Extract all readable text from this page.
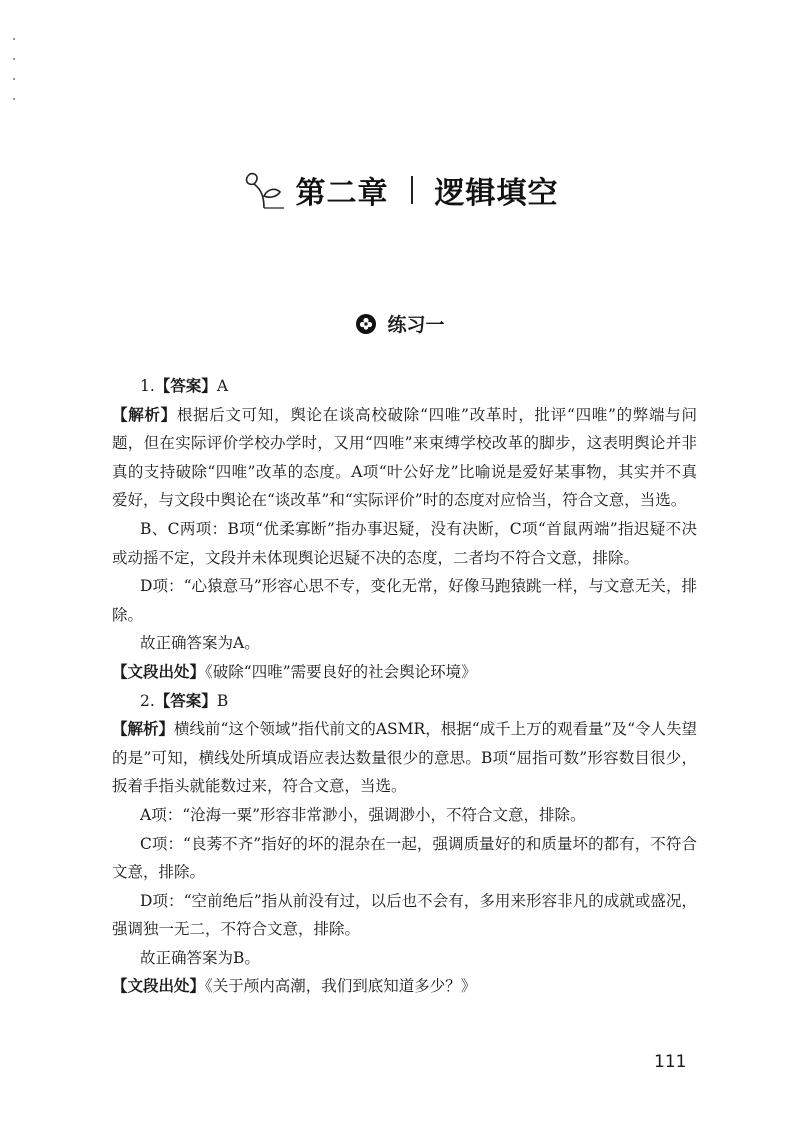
第二章 逻辑填空
练习一

1.【答案】A

【解析】根据后文可知，舆论在谈高校破除“四唯”改革时，批评“四唯”的弊端与问题，但在实际评价学校办学时，又用“四唯”来束缚学校改革的脚步，这表明舆论并非真的支持破除“四唯”改革的态度。A项“叶公好龙”比喻说是爱好某事物，其实并不真爱好，与文段中舆论在“谈改革”和“实际评价”时的态度对应恰当，符合文意，当选。

B、C两项：B项“优柔寡断”指办事迟疑，没有决断，C项“首鼠两端”指迟疑不决或动摇不定，文段并未体现舆论迟疑不决的态度，二者均不符合文意，排除。

D项：“心猿意马”形容心思不专，变化无常，好像马跑猿跳一样，与文意无关，排除。

故正确答案为A。

【文段出处】《破除“四唯”需要良好的社会舆论环境》

2.【答案】B

【解析】横线前“这个领域”指代前文的ASMR，根据“成千上万的观看量”及“令人失望的是”可知，横线处所填成语应表达数量很少的意思。B项“屈指可数”形容数目很少，扳着手指头就能数过来，符合文意，当选。

A项：“沧海一粟”形容非常渺小，强调渺小，不符合文意，排除。

C项：“良莠不齐”指好的坏的混杂在一起，强调质量好的和质量坏的都有，不符合文意，排除。

D项：“空前绝后”指从前没有过，以后也不会有，多用来形容非凡的成就或盛况，强调独一无二，不符合文意，排除。

故正确答案为B。

【文段出处】《关于颅内高潮，我们到底知道多少？》

111
